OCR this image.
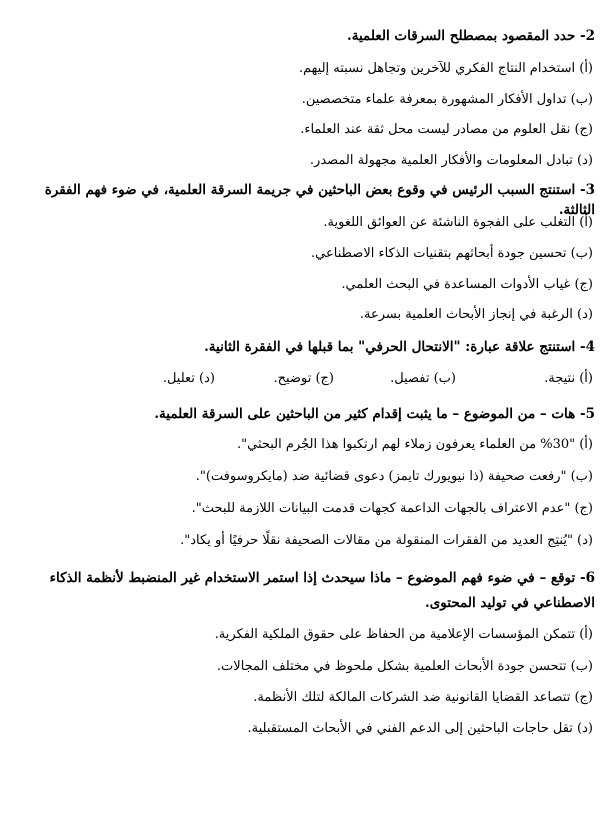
2- حدد المقصود بمصطلح السرقات العلمية.
(أ) استخدام النتاج الفكري للآخرين وتجاهل نسبته إليهم.
(ب) تداول الأفكار المشهورة بمعرفة علماء متخصصين.
(ج) نقل العلوم من مصادر ليست محل ثقة عند العلماء.
(د) تبادل المعلومات والأفكار العلمية مجهولة المصدر.
3- استنتج السبب الرئيس في وقوع بعض الباحثين في جريمة السرقة العلمية، في ضوء فهم الفقرة الثالثة.
(أ) التغلب على الفجوة الناشئة عن العوائق اللغوية.
(ب) تحسين جودة أبحاثهم بتقنيات الذكاء الاصطناعي.
(ج) غياب الأدوات المساعدة في البحث العلمي.
(د) الرغبة في إنجاز الأبحاث العلمية بسرعة.
4- استنتج علاقة عبارة: "الانتحال الحرفي" بما قبلها في الفقرة الثانية.
(أ) نتيجة.
(ب) تفصيل.
(ج) توضيح.
(د) تعليل.
5- هات – من الموضوع – ما يثبت إقدام كثير من الباحثين على السرقة العلمية.
(أ) "30% من العلماء يعرفون زملاء لهم ارتكبوا هذا الجُرم البحثي".
(ب) "رفعت صحيفة (ذا نيويورك تايمز) دعوى قضائية ضد (مايكروسوفت)".
(ج) "عدم الاعتراف بالجهات الداعمة كجهات قدمت البيانات اللازمة للبحث".
(د) "يُنتِج العديد من الفقرات المنقولة من مقالات الصحيفة نقلًا حرفيًا أو يكاد".
6- توقع – في ضوء فهم الموضوع – ماذا سيحدث إذا استمر الاستخدام غير المنضبط لأنظمة الذكاء الاصطناعي في توليد المحتوى.
(أ) تتمكن المؤسسات الإعلامية من الحفاظ على حقوق الملكية الفكرية.
(ب) تتحسن جودة الأبحاث العلمية بشكل ملحوظ في مختلف المجالات.
(ج) تتصاعد القضايا القانونية ضد الشركات المالكة لتلك الأنظمة.
(د) تقل حاجات الباحثين إلى الدعم الفني في الأبحاث المستقبلية.
